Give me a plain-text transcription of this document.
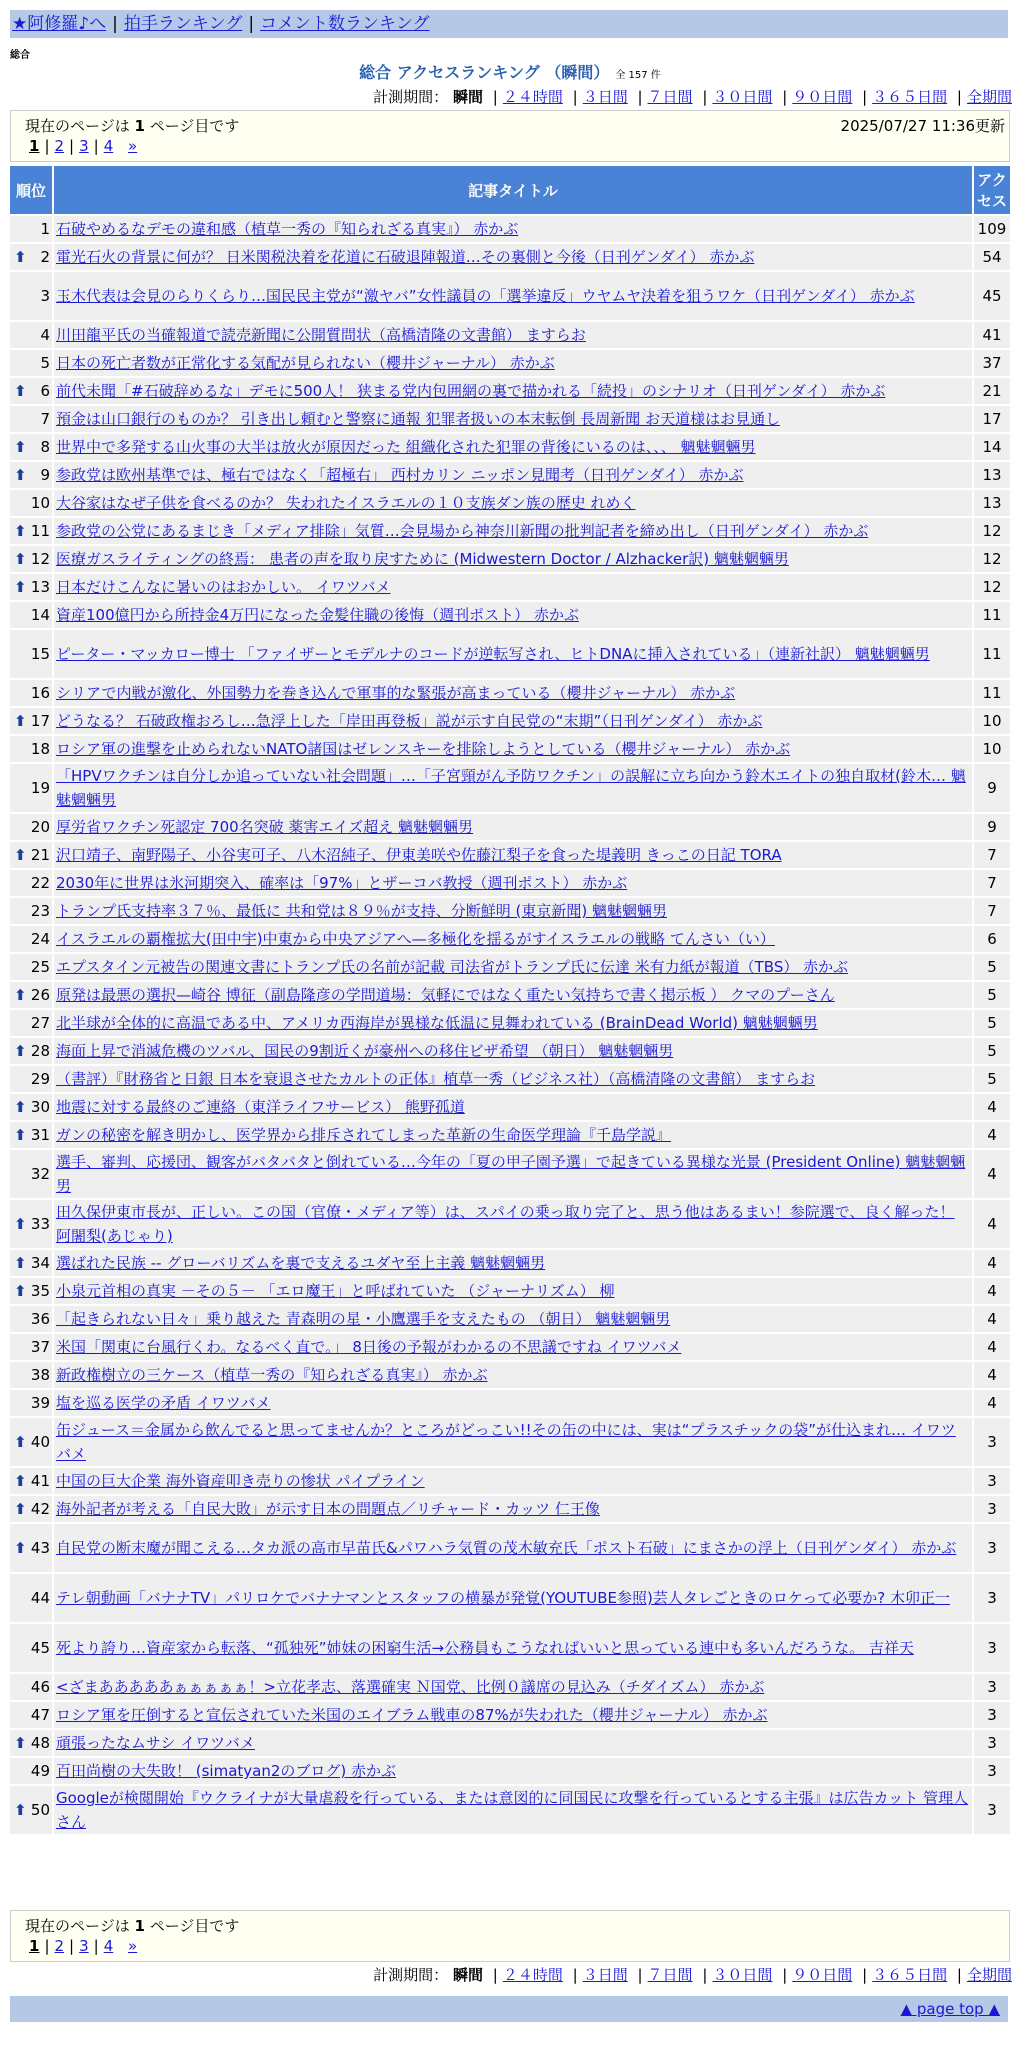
★阿修羅♪へ | 拍手ランキング | コメント数ランキング
総合
総合 アクセスランキング （瞬間） 全 157 件
計測期間： 瞬間 | ２４時間 | ３日間 | ７日間 | ３０日間 | ９０日間 | ３６５日間 | 全期間
現在のページは 1 ページ目です	2025/07/27 11:36更新
1 | 2 | 3 | 4 »
順位	記事タイトル	アクセス
1	石破やめるなデモの違和感（植草一秀の『知られざる真実』） 赤かぶ	109

⬆ 2	電光石火の背景に何が？ 日米関税決着を花道に石破退陣報道…その裏側と今後（日刊ゲンダイ） 赤かぶ	54
3	玉木代表は会見のらりくらり…国民民主党が“激ヤバ”女性議員の「選挙違反」ウヤムヤ決着を狙うワケ（日刊ゲンダイ） 赤かぶ	45
4	川田龍平氏の当確報道で読売新聞に公開質問状（高橋清隆の文書館） ますらお	41
5	日本の死亡者数が正常化する気配が見られない（櫻井ジャーナル） 赤かぶ	37

⬆ 6	前代未聞「#石破辞めるな」デモに500人！ 狭まる党内包囲網の裏で描かれる「続投」のシナリオ（日刊ゲンダイ） 赤かぶ	21
7	預金は山口銀行のものか？ 引き出し頼むと警察に通報 犯罪者扱いの本末転倒 長周新聞 お天道様はお見通し	17

⬆ 8	世界中で多発する山火事の大半は放火が原因だった 組織化された犯罪の背後にいるのは、、、 魑魅魍魎男	14

⬆ 9	参政党は欧州基準では、極右ではなく「超極右」 西村カリン ニッポン見聞考（日刊ゲンダイ） 赤かぶ	13
10	大谷家はなぜ子供を食べるのか？ 失われたイスラエルの１０支族ダン族の歴史 れめく	13

⬆ 11	参政党の公党にあるまじき「メディア排除」気質…会見場から神奈川新聞の批判記者を締め出し（日刊ゲンダイ） 赤かぶ	12

⬆ 12	医療ガスライティングの終焉： 患者の声を取り戻すために (Midwestern Doctor / Alzhacker訳) 魑魅魍魎男	12

⬆ 13	日本だけこんなに暑いのはおかしい。 イワツバメ	12
14	資産100億円から所持金4万円になった金髪住職の後悔（週刊ポスト） 赤かぶ	11
15	ピーター・マッカロー博士 「ファイザーとモデルナのコードが逆転写され、ヒトDNAに挿入されている」（連新社訳） 魑魅魍魎男	11
16	シリアで内戦が激化、外国勢力を巻き込んで軍事的な緊張が高まっている（櫻井ジャーナル） 赤かぶ	11

⬆ 17	どうなる？ 石破政権おろし…急浮上した「岸田再登板」説が示す自民党の“末期”（日刊ゲンダイ） 赤かぶ	10
18	ロシア軍の進撃を止められないNATO諸国はゼレンスキーを排除しようとしている（櫻井ジャーナル） 赤かぶ	10
19	「HPVワクチンは自分しか追っていない社会問題」…「子宮頸がん予防ワクチン」の誤解に立ち向かう鈴木エイトの独自取材(鈴木… 魑魅魍魎男	9
20	厚労省ワクチン死認定 700名突破 薬害エイズ超え 魑魅魍魎男	9

⬆ 21	沢口靖子、南野陽子、小谷実可子、八木沼純子、伊東美咲や佐藤江梨子を食った堤義明 きっこの日記 TORA	7
22	2030年に世界は氷河期突入、確率は「97%」とザーコバ教授（週刊ポスト） 赤かぶ	7
23	トランプ氏支持率３７％、最低に 共和党は８９％が支持、分断鮮明 (東京新聞) 魑魅魍魎男	7
24	イスラエルの覇権拡大(田中宇)中東から中央アジアへ—多極化を揺るがすイスラエルの戦略 てんさい（い）	6
25	エプスタイン元被告の関連文書にトランプ氏の名前が記載 司法省がトランプ氏に伝達 米有力紙が報道（TBS） 赤かぶ	5

⬆ 26	原発は最悪の選択—崎谷 博征（副島隆彦の学問道場：気軽にではなく重たい気持ちで書く掲示板 ） クマのプーさん	5
27	北半球が全体的に高温である中、アメリカ西海岸が異様な低温に見舞われている (BrainDead World) 魑魅魍魎男	5

⬆ 28	海面上昇で消滅危機のツバル、国民の9割近くが豪州への移住ビザ希望 （朝日） 魑魅魍魎男	5
29	（書評）『財務省と日銀 日本を衰退させたカルトの正体』植草一秀（ビジネス社）（高橋清隆の文書館） ますらお	5

⬆ 30	地震に対する最終のご連絡（東洋ライフサービス） 熊野孤道	4

⬆ 31	ガンの秘密を解き明かし、医学界から排斥されてしまった革新の生命医学理論『千島学説』	4
32	選手、審判、応援団、観客がバタバタと倒れている…今年の「夏の甲子園予選」で起きている異様な光景 (President Online) 魑魅魍魎男	4

⬆ 33	田久保伊東市長が、正しい。この国（官僚・メディア等）は、スパイの乗っ取り完了と、思う他はあるまい！参院選で、良く解った！ 阿闍梨(あじゃり)	4

⬆ 34	選ばれた民族 -- グローバリズムを裏で支えるユダヤ至上主義 魑魅魍魎男	4

⬆ 35	小泉元首相の真実 －その５－ 「エロ魔王」と呼ばれていた （ジャーナリズム） 柳	4
36	「起きられない日々」乗り越えた 青森明の星・小鷹選手を支えたもの （朝日） 魑魅魍魎男	4
37	米国「関東に台風行くわ。なるべく直で。」 8日後の予報がわかるの不思議ですね イワツバメ	4
38	新政権樹立の三ケース（植草一秀の『知られざる真実』） 赤かぶ	4
39	塩を巡る医学の矛盾 イワツバメ	4

⬆ 40	缶ジュース＝金属から飲んでると思ってませんか？ところがどっこい!!その缶の中には、実は“プラスチックの袋”が仕込まれ… イワツバメ	3

⬆ 41	中国の巨大企業 海外資産叩き売りの惨状 パイプライン	3

⬆ 42	海外記者が考える「自民大敗」が示す日本の問題点／リチャード・カッツ 仁王像	3

⬆ 43	自民党の断末魔が聞こえる…タカ派の高市早苗氏&パワハラ気質の茂木敏充氏「ポスト石破」にまさかの浮上（日刊ゲンダイ） 赤かぶ	3
44	テレ朝動画「バナナTV」パリロケでバナナマンとスタッフの横暴が発覚(YOUTUBE参照)芸人タレごときのロケって必要か? 木卯正一	3
45	死より誇り…資産家から転落、“孤独死”姉妹の困窮生活→公務員もこうなればいいと思っている連中も多いんだろうな。 吉祥天	3
46	<ざまあああああぁぁぁぁぁ！>立花孝志、落選確実 Ｎ国党、比例０議席の見込み（チダイズム） 赤かぶ	3
47	ロシア軍を圧倒すると宣伝されていた米国のエイブラム戦車の87%が失われた（櫻井ジャーナル） 赤かぶ	3

⬆ 48	頑張ったなムサシ イワツバメ	3
49	百田尚樹の大失敗！ (simatyan2のブログ) 赤かぶ	3

⬆ 50	Googleが検閲開始『ウクライナが大量虐殺を行っている、または意図的に同国民に攻撃を行っているとする主張』は広告カット 管理人さん	3
現在のページは 1 ページ目です
1 | 2 | 3 | 4 »
計測期間： 瞬間 | ２４時間 | ３日間 | ７日間 | ３０日間 | ９０日間 | ３６５日間 | 全期間
▲ page top ▲
